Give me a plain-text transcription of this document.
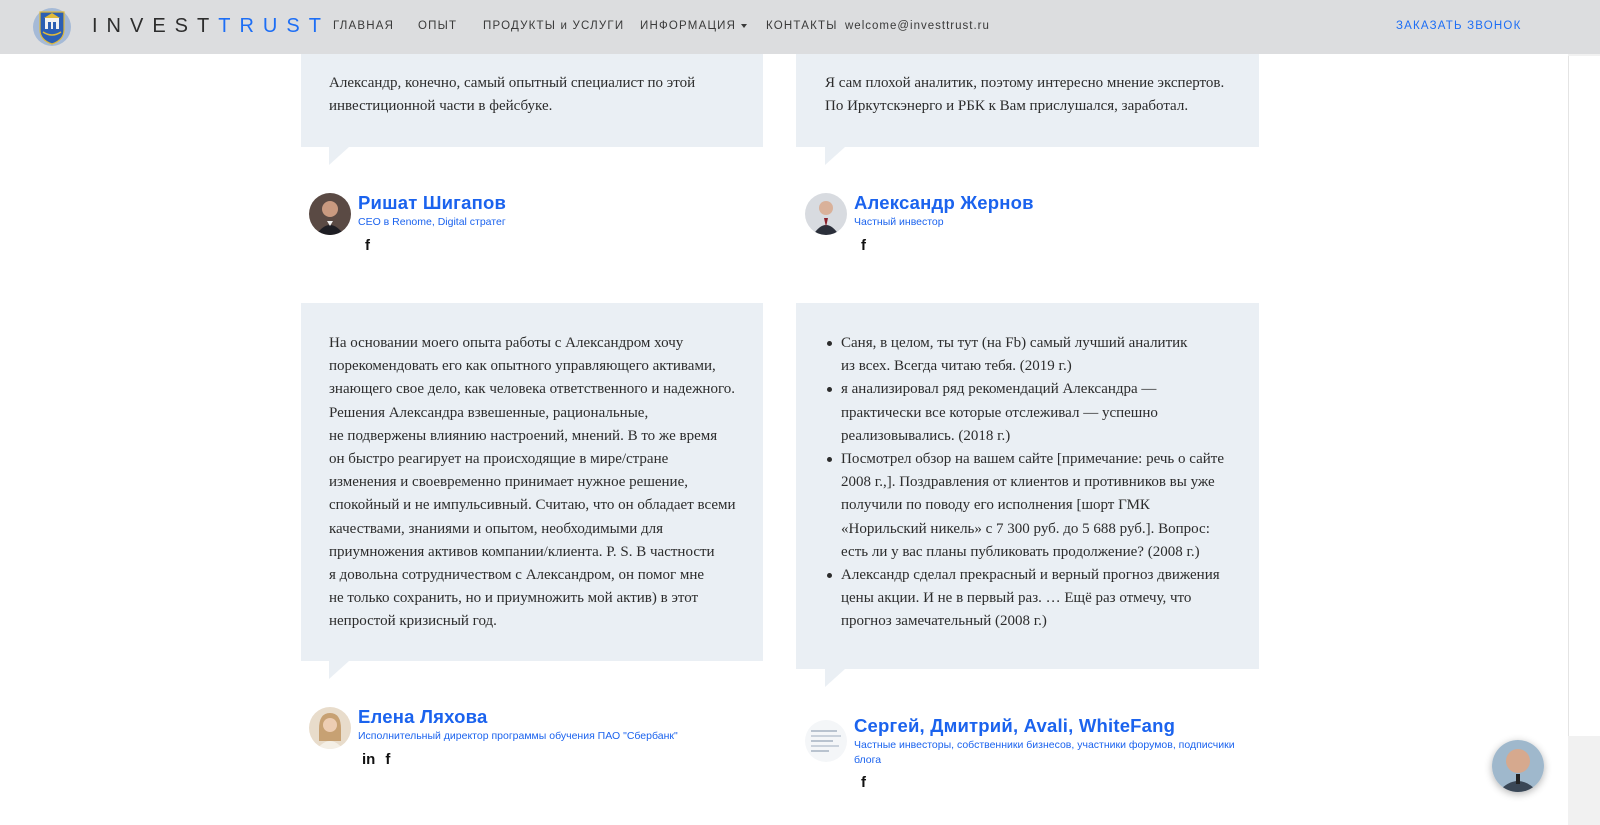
INVESTTRUST ГЛАВНАЯ ОПЫТ ПРОДУКТЫ и УСЛУГИ ИНФОРМАЦИЯ	КОНТАКТЫ welcome@investtrust.ru	ЗАКАЗАТЬ ЗВОНОК
Александр, конечно, самый опытный специалист по этой
инвестиционной части в фейсбуке.
Ришат Шигапов
CEO в Renome, Digital стратег
f
Я сам плохой аналитик, поэтому интересно мнение экспертов.
По Иркутскэнерго и РБК к Вам прислушался, заработал.
Александр Жернов
Частный инвестор
f
На основании моего опыта работы с Александром хочу
порекомендовать его как опытного управляющего активами,
знающего свое дело, как человека ответственного и надежного.
Решения Александра взвешенные, рациональные,
не подвержены влиянию настроений, мнений. В то же время
он быстро реагирует на происходящие в мире/стране
изменения и своевременно принимает нужное решение,
спокойный и не импульсивный. Считаю, что он обладает всеми
качествами, знаниями и опытом, необходимыми для
приумножения активов компании/клиента. P. S. В частности
я довольна сотрудничеством с Александром, он помог мне
не только сохранить, но и приумножить мой актив) в этот
непростой кризисный год.
Елена Ляхова
Исполнительный директор программы обучения ПАО "Сбербанк"
in f
Саня, в целом, ты тут (на Fb) самый лучший аналитик
из всех. Всегда читаю тебя. (2019 г.)
я анализировал ряд рекомендаций Александра —
практически все которые отслеживал — успешно
реализовывались. (2018 г.)
Посмотрел обзор на вашем сайте [примечание: речь о сайте
2008 г.,]. Поздравления от клиентов и противников вы уже
получили по поводу его исполнения [шорт ГМК
«Норильский никель» с 7 300 руб. до 5 688 руб.]. Вопрос:
есть ли у вас планы публиковать продолжение? (2008 г.)
Александр сделал прекрасный и верный прогноз движения
цены акции. И не в первый раз. … Ещё раз отмечу, что
прогноз замечательный (2008 г.)
Сергей, Дмитрий, Avali, WhiteFang
Частные инвесторы, собственники бизнесов, участники форумов, подписчики
блога
f
